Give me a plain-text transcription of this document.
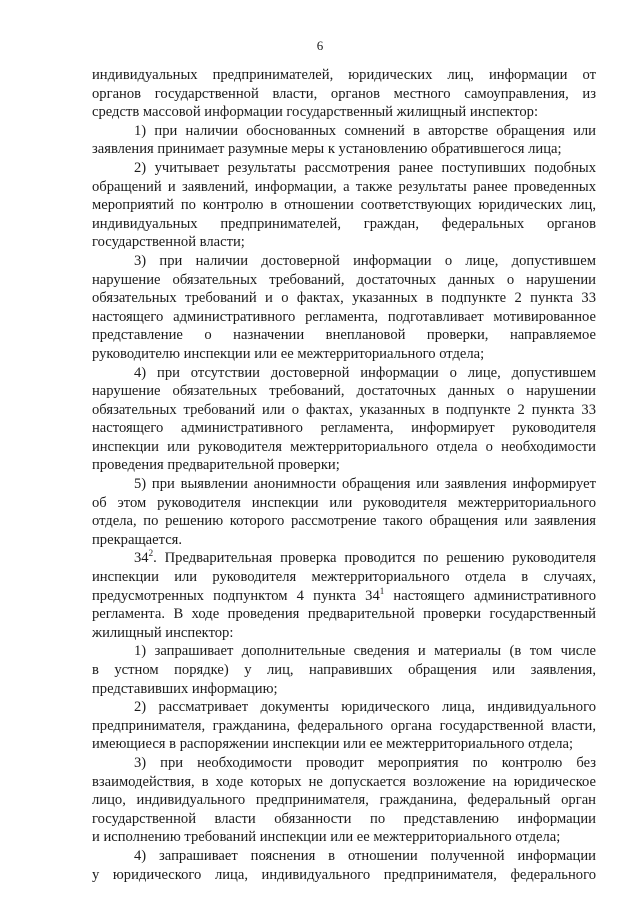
6

индивидуальных предпринимателей, юридических лиц, информации от
органов государственной власти, органов местного самоуправления, из
средств массовой информации государственный жилищный инспектор:

1) при наличии обоснованных сомнений в авторстве обращения или
заявления принимает разумные меры к установлению обратившегося лица;

2) учитывает результаты рассмотрения ранее поступивших подобных
обращений и заявлений, информации, а также результаты ранее проведенных
мероприятий по контролю в отношении соответствующих юридических лиц,
индивидуальных предпринимателей, граждан, федеральных органов
государственной власти;

3) при наличии достоверной информации о лице, допустившем
нарушение обязательных требований, достаточных данных о нарушении
обязательных требований и о фактах, указанных в подпункте 2 пункта 33
настоящего административного регламента, подготавливает мотивированное
представление о назначении внеплановой проверки, направляемое
руководителю инспекции или ее межтерриториального отдела;

4) при отсутствии достоверной информации о лице, допустившем
нарушение обязательных требований, достаточных данных о нарушении
обязательных требований или о фактах, указанных в подпункте 2 пункта 33
настоящего административного регламента, информирует руководителя
инспекции или руководителя межтерриториального отдела о необходимости
проведения предварительной проверки;

5) при выявлении анонимности обращения или заявления информирует
об этом руководителя инспекции или руководителя межтерриториального
отдела, по решению которого рассмотрение такого обращения или заявления
прекращается.

$34^2$. Предварительная проверка проводится по решению руководителя
инспекции или руководителя межтерриториального отдела в случаях,
предусмотренных подпунктом 4 пункта $34^1$ настоящего административного
регламента. В ходе проведения предварительной проверки государственный
жилищный инспектор:

1) запрашивает дополнительные сведения и материалы (в том числе
в устном порядке) у лиц, направивших обращения или заявления,
представивших информацию;

2) рассматривает документы юридического лица, индивидуального
предпринимателя, гражданина, федерального органа государственной власти,
имеющиеся в распоряжении инспекции или ее межтерриториального отдела;

3) при необходимости проводит мероприятия по контролю без
взаимодействия, в ходе которых не допускается возложение на юридическое
лицо, индивидуального предпринимателя, гражданина, федеральный орган
государственной власти обязанности по представлению информации
и исполнению требований инспекции или ее межтерриториального отдела;

4) запрашивает пояснения в отношении полученной информации
у юридического лица, индивидуального предпринимателя, федерального
